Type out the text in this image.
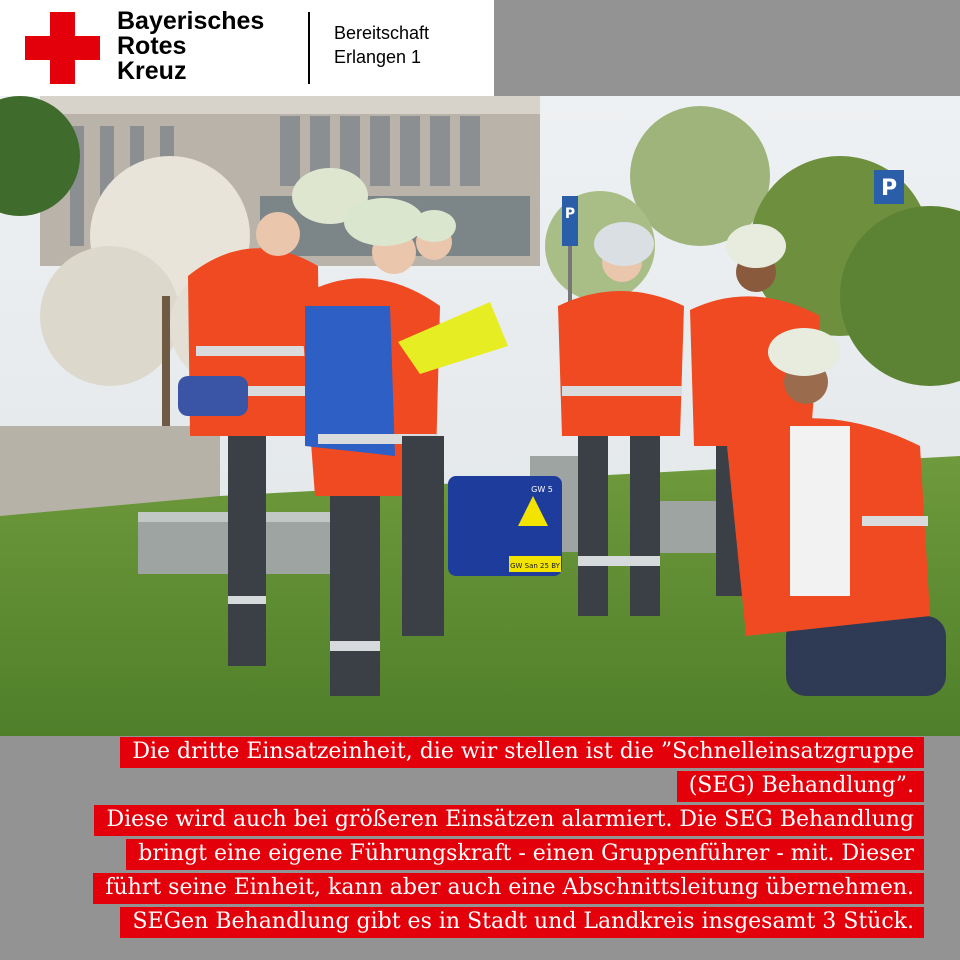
Bayerisches
Rotes
Kreuz
Bereitschaft
Erlangen 1
P
P
GW 5
GW San 25 BY
Die dritte Einsatzeinheit, die wir stellen ist die ”Schnelleinsatzgruppe
(SEG) Behandlung”.
Diese wird auch bei größeren Einsätzen alarmiert. Die SEG Behandlung
bringt eine eigene Führungskraft - einen Gruppenführer - mit. Dieser
führt seine Einheit, kann aber auch eine Abschnittsleitung übernehmen.
SEGen Behandlung gibt es in Stadt und Landkreis insgesamt 3 Stück.
